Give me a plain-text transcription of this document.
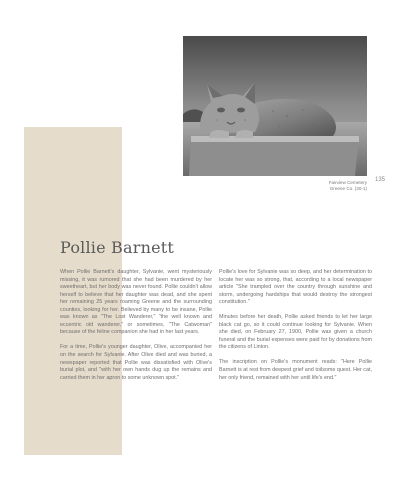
135
Fairview Cemetery
Greene Co. (30-1)
Pollie Barnett

When Pollie Barnett's daughter, Sylvanie, went mysteriously missing, it was rumored that she had been murdered by her sweetheart, but her body was never found. Pollie couldn't allow herself to believe that her daughter was dead, and she spent her remaining 25 years roaming Greene and the surrounding counties, looking for her. Believed by many to be insane, Pollie was known as "The Lost Wanderer," "the well known and eccentric old wanderer," or sometimes, "The Catwoman" because of the feline companion she had in her last years.

For a time, Pollie's younger daughter, Olive, accompanied her on the search for Sylvanie. After Olive died and was buried, a newspaper reported that Pollie was dissatisfied with Olive's burial plot, and "with her own hands dug up the remains and carried them in her apron to some unknown spot."

Pollie's love for Sylvanie was so deep, and her determination to locate her was so strong, that, according to a local newspaper article "She trampled over the country through sunshine and storm, undergoing hardships that would destroy the strongest constitution."

Minutes before her death, Pollie asked friends to let her large black cat go, so it could continue looking for Sylvanie. When she died, on February 27, 1900, Pollie was given a church funeral and the burial expenses were paid for by donations from the citizens of Linton.

The inscription on Pollie's monument reads: "Here Pollie Barnett is at rest from deepest grief and toilsome quest. Her cat, her only friend, remained with her until life's end."
